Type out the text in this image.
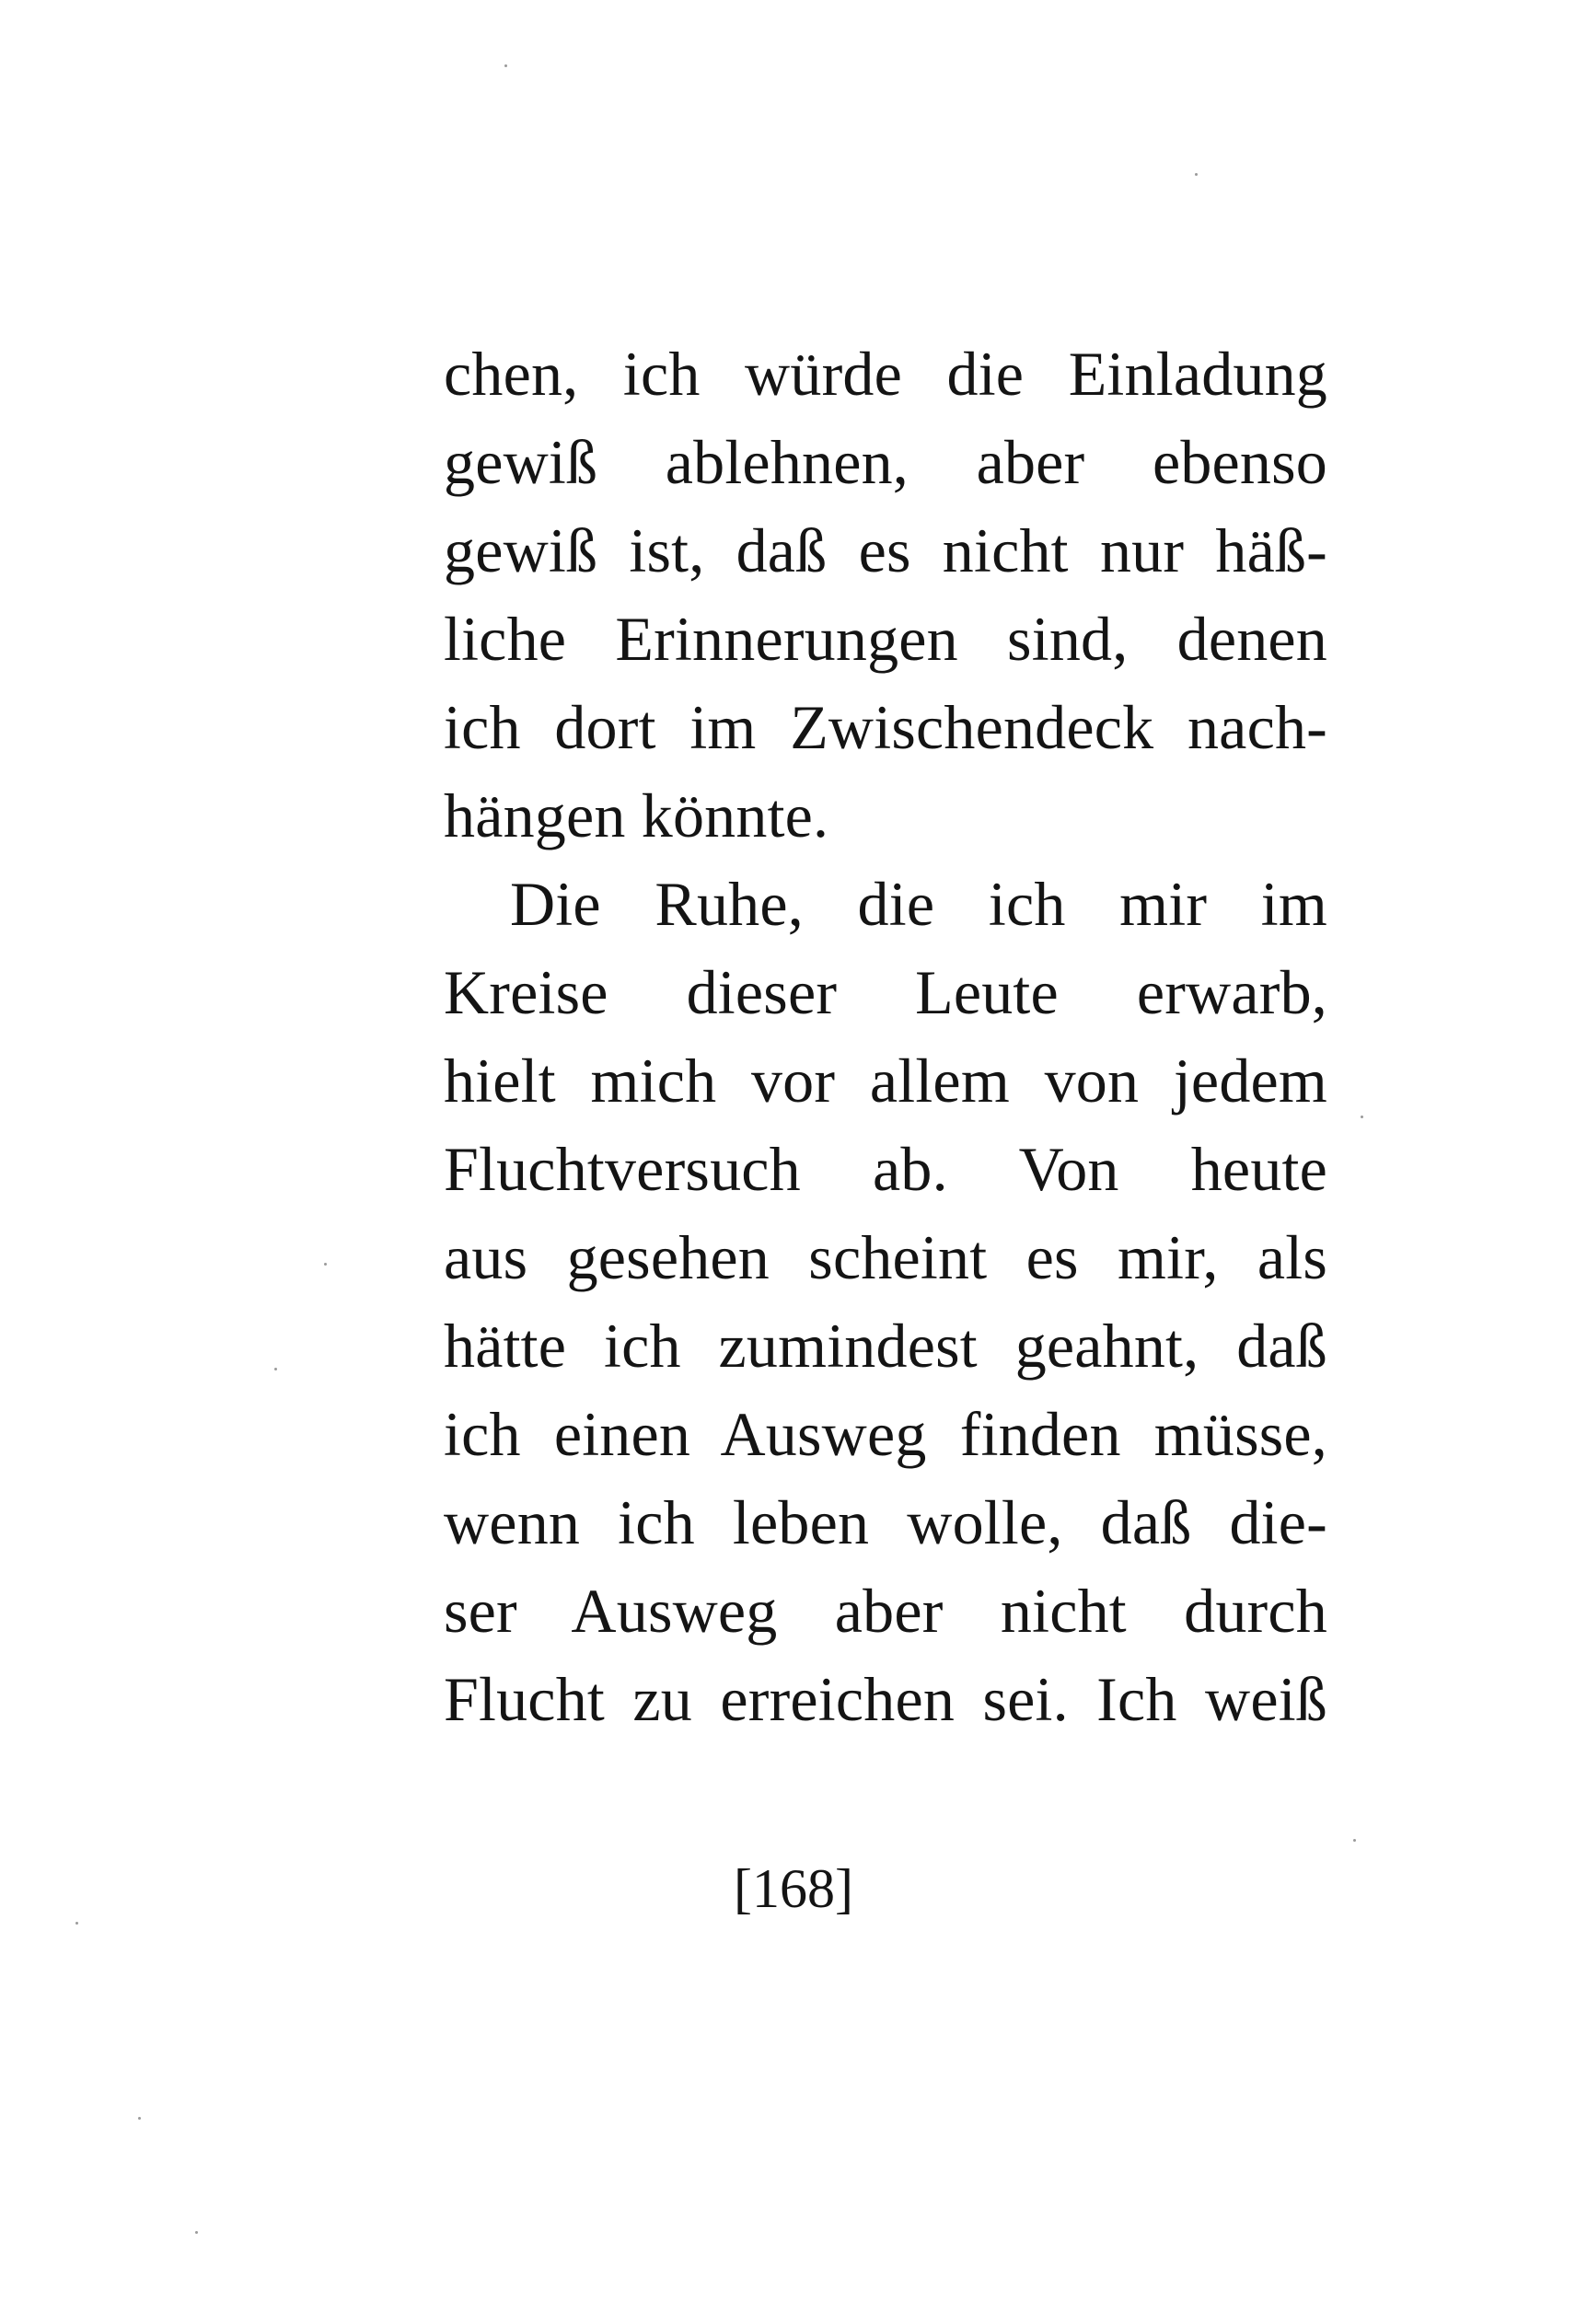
chen, ich würde die Einladung
gewiß ablehnen, aber ebenso
gewiß ist, daß es nicht nur häß-
liche Erinnerungen sind, denen
ich dort im Zwischendeck nach-
hängen könnte.
Die Ruhe, die ich mir im
Kreise dieser Leute erwarb,
hielt mich vor allem von jedem
Fluchtversuch ab. Von heute
aus gesehen scheint es mir, als
hätte ich zumindest geahnt, daß
ich einen Ausweg finden müsse,
wenn ich leben wolle, daß die-
ser Ausweg aber nicht durch
Flucht zu erreichen sei. Ich weiß
[168]
